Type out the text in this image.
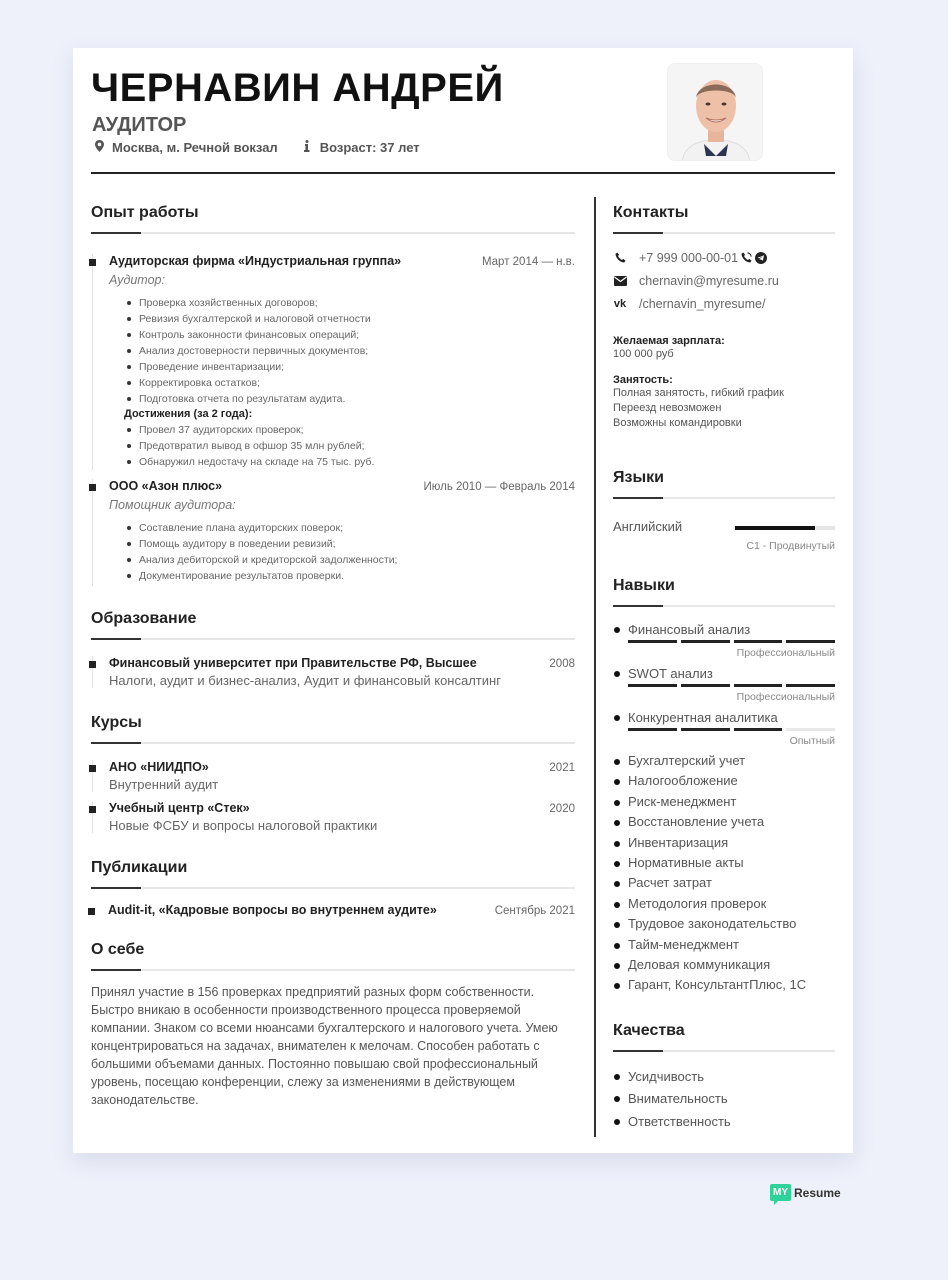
ЧЕРНАВИН АНДРЕЙ
АУДИТОР
Москва, м. Речной вокзал	Возраст: 37 лет
Опыт работы
Аудиторская фирма «Индустриальная группа»	Март 2014 — н.в.
Аудитор:
Проверка хозяйственных договоров;
Ревизия бухгалтерской и налоговой отчетности
Контроль законности финансовых операций;
Анализ достоверности первичных документов;
Проведение инвентаризации;
Корректировка остатков;
Подготовка отчета по результатам аудита.
Достижения (за 2 года):
Провел 37 аудиторских проверок;
Предотвратил вывод в офшор 35 млн рублей;
Обнаружил недостачу на складе на 75 тыс. руб.
ООО «Азон плюс»	Июль 2010 — Февраль 2014
Помощник аудитора:
Составление плана аудиторских поверок;
Помощь аудитору в поведении ревизий;
Анализ дебиторской и кредиторской задолженности;
Документирование результатов проверки.
Образование
Финансовый университет при Правительстве РФ, Высшее	2008
Налоги, аудит и бизнес-анализ, Аудит и финансовый консалтинг
Курсы
АНО «НИИДПО»	2021
Внутренний аудит
Учебный центр «Стек»	2020
Новые ФСБУ и вопросы налоговой практики
Публикации
Audit-it, «Кадровые вопросы во внутреннем аудите»	Сентябрь 2021
О себе
Принял участие в 156 проверках предприятий разных форм собственности. Быстро вникаю в особенности производственного процесса проверяемой компании. Знаком со всеми нюансами бухгалтерского и налогового учета. Умею концентрироваться на задачах, внимателен к мелочам. Способен работать с большими объемами данных. Постоянно повышаю свой профессиональный уровень, посещаю конференции, слежу за изменениями в действующем законодательстве.
Контакты
+7 999 000-00-01
chernavin@myresume.ru
vk /chernavin_myresume/
Желаемая зарплата:
100 000 руб
Занятость:
Полная занятость, гибкий график
Переезд невозможен
Возможны командировки
Языки
Английский
C1 - Продвинутый
Навыки
Финансовый анализ
Профессиональный
SWOT анализ
Профессиональный
Конкурентная аналитика
Опытный
Бухгалтерский учет
Налогообложение
Риск-менеджмент
Восстановление учета
Инвентаризация
Нормативные акты
Расчет затрат
Методология проверок
Трудовое законодательство
Тайм-менеджмент
Деловая коммуникация
Гарант, КонсультантПлюс, 1С
Качества
Усидчивость
Внимательность
Ответственность
MY Resume
